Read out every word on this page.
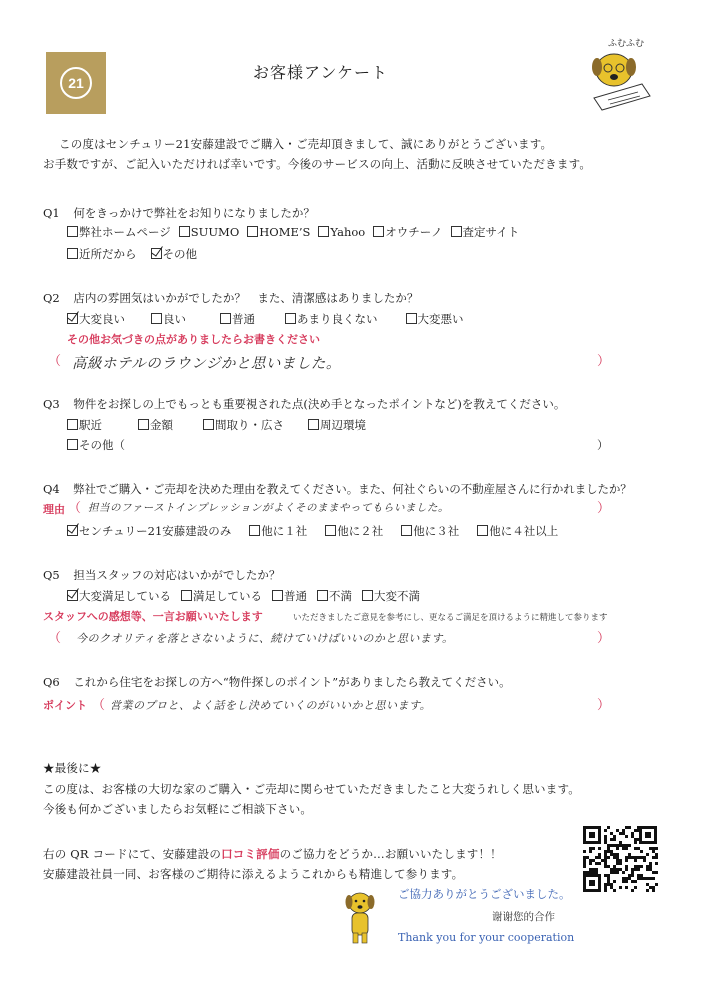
21
お客様アンケート
ふむふむ
この度はセンチュリー21安藤建設でご購入・ご売却頂きまして、誠にありがとうございます。
お手数ですが、ご記入いただければ幸いです。今後のサービスの向上、活動に反映させていただきます。
Q1 何をきっかけで弊社をお知りになりましたか？
弊社ホームページ SUUMO HOME’S Yahoo オウチーノ 査定サイト
近所だから その他
Q2 店内の雰囲気はいかがでしたか？　また、清潔感はありましたか？
大変良い	良い	普通	あまり良くない	大変悪い
その他お気づきの点がありましたらお書きください
（ 高級ホテルのラウンジかと思いました。	）
Q3 物件をお探しの上でもっとも重要視された点(決め手となったポイントなど)を教えてください。
駅近	金額	間取り・広さ	周辺環境
その他（	）
Q4 弊社でご購入・ご売却を決めた理由を教えてください。また、何社ぐらいの不動産屋さんに行かれましたか？
理由 （ 担当のファーストインプレッションがよくそのままやってもらいました。	）
センチュリー21安藤建設のみ	他に１社	他に２社	他に３社	他に４社以上
Q5 担当スタッフの対応はいかがでしたか？
大変満足している 満足している 普通 不満 大変不満
スタッフへの感想等、一言お願いいたします	いただきましたご意見を参考にし、更なるご満足を頂けるように精進して参ります
（ 今のクオリティを落とさないように、続けていけばいいのかと思います。	）
Q6 これから住宅をお探しの方へ“物件探しのポイント”がありましたら教えてください。
ポイント （ 営業のプロと、よく話をし決めていくのがいいかと思います。	）
★最後に★
この度は、お客様の大切な家のご購入・ご売却に関らせていただきましたこと大変うれしく思います。
今後も何かございましたらお気軽にご相談下さい。
右の QR コードにて、安藤建設の口コミ評価のご協力をどうか…お願いいたします！！
安藤建設社員一同、お客様のご期待に添えるようこれからも精進して参ります。
ご協力ありがとうございました。
谢谢您的合作
Thank you for your cooperation
